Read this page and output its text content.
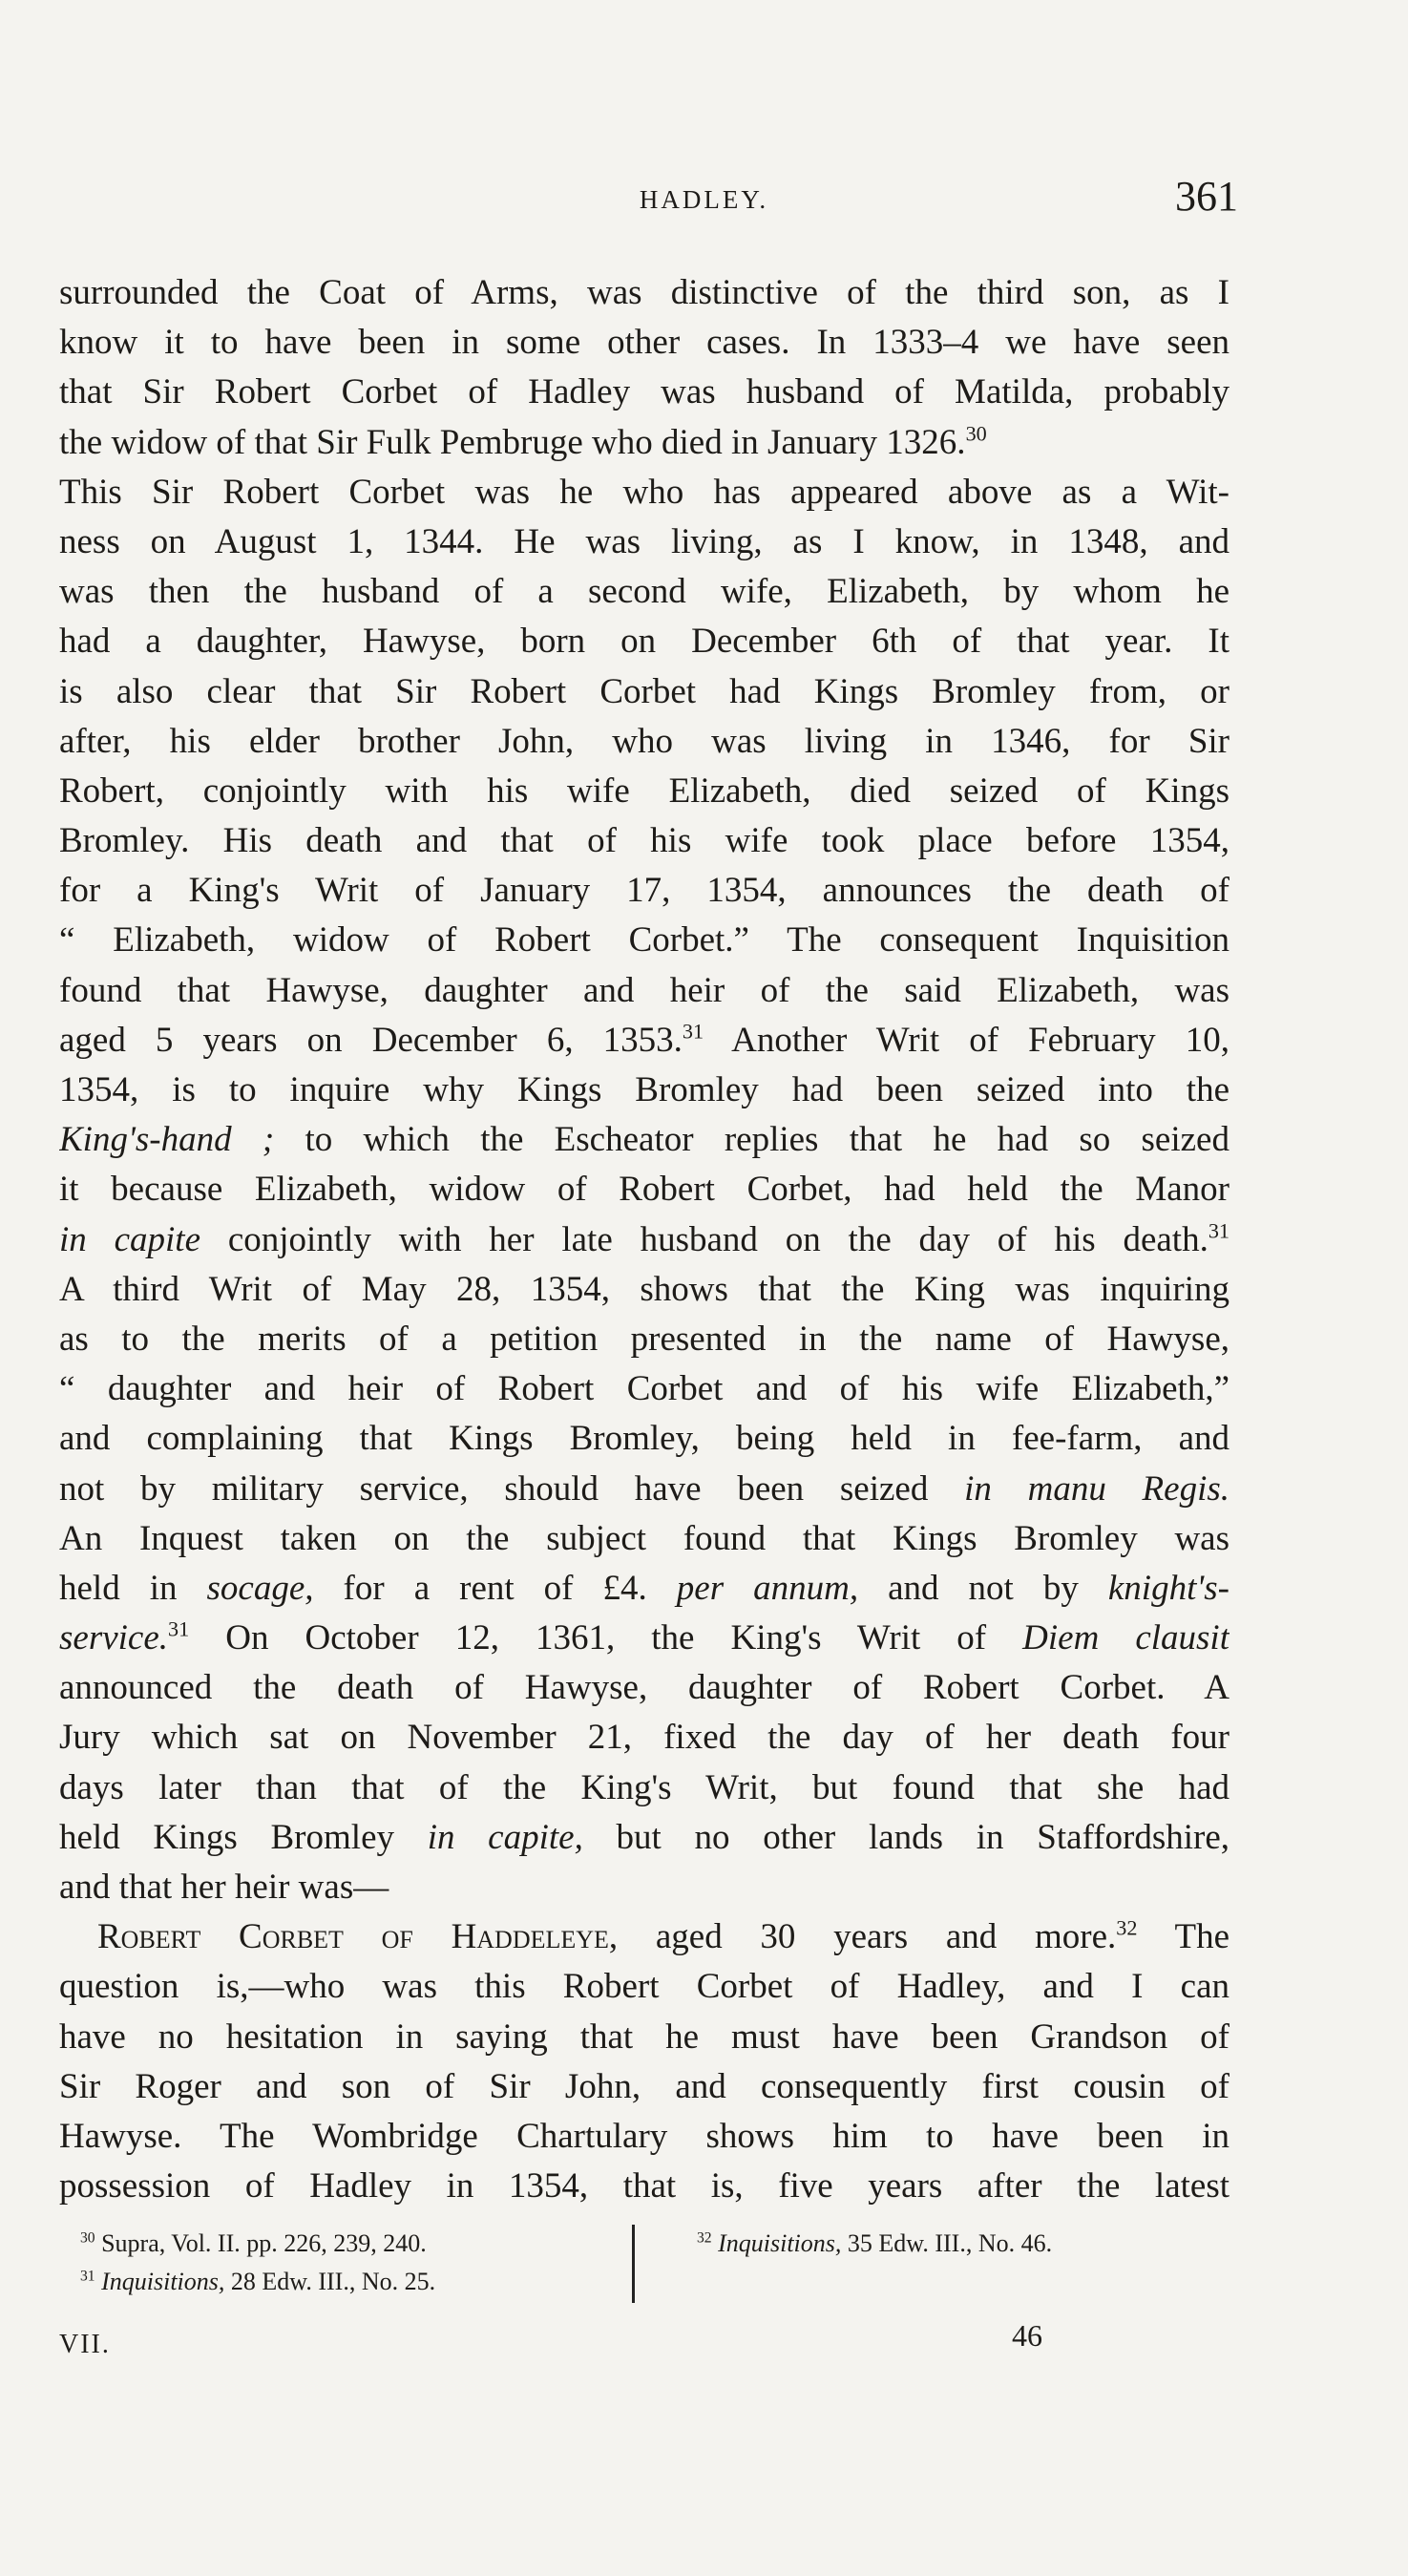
HADLEY.	361
surrounded the Coat of Arms, was distinctive of the third son, as I
know it to have been in some other cases. In 1333–4 we have seen
that Sir Robert Corbet of Hadley was husband of Matilda, probably
the widow of that Sir Fulk Pembruge who died in January 1326.30
This Sir Robert Corbet was he who has appeared above as a Wit-
ness on August 1, 1344. He was living, as I know, in 1348, and
was then the husband of a second wife, Elizabeth, by whom he
had a daughter, Hawyse, born on December 6th of that year. It
is also clear that Sir Robert Corbet had Kings Bromley from, or
after, his elder brother John, who was living in 1346, for Sir
Robert, conjointly with his wife Elizabeth, died seized of Kings
Bromley. His death and that of his wife took place before 1354,
for a King's Writ of January 17, 1354, announces the death of
“ Elizabeth, widow of Robert Corbet.” The consequent Inquisition
found that Hawyse, daughter and heir of the said Elizabeth, was
aged 5 years on December 6, 1353.31 Another Writ of February 10,
1354, is to inquire why Kings Bromley had been seized into the
King's-hand ; to which the Escheator replies that he had so seized
it because Elizabeth, widow of Robert Corbet, had held the Manor
in capite conjointly with her late husband on the day of his death.$^{31}$
A third Writ of May 28, 1354, shows that the King was inquiring
as to the merits of a petition presented in the name of Hawyse,
“ daughter and heir of Robert Corbet and of his wife Elizabeth,”
and complaining that Kings Bromley, being held in fee-farm, and
not by military service, should have been seized in manu Regis.
An Inquest taken on the subject found that Kings Bromley was
held in socage, for a rent of £4. per annum, and not by knight's-
service.$^{31}$ On October 12, 1361, the King's Writ of Diem clausit
announced the death of Hawyse, daughter of Robert Corbet. A
Jury which sat on November 21, fixed the day of her death four
days later than that of the King's Writ, but found that she had
held Kings Bromley in capite, but no other lands in Staffordshire,
and that her heir was—
Robert Corbet of Haddeleye, aged 30 years and more.$^{32}$ The
question is,—who was this Robert Corbet of Hadley, and I can
have no hesitation in saying that he must have been Grandson of
Sir Roger and son of Sir John, and consequently first cousin of
Hawyse. The Wombridge Chartulary shows him to have been in
possession of Hadley in 1354, that is, five years after the latest
$^{30}$ Supra, Vol. II. pp. 226, 239, 240.
$^{31}$ Inquisitions, 28 Edw. III., No. 25.
$^{32}$ Inquisitions, 35 Edw. III., No. 46.
VII.	46
